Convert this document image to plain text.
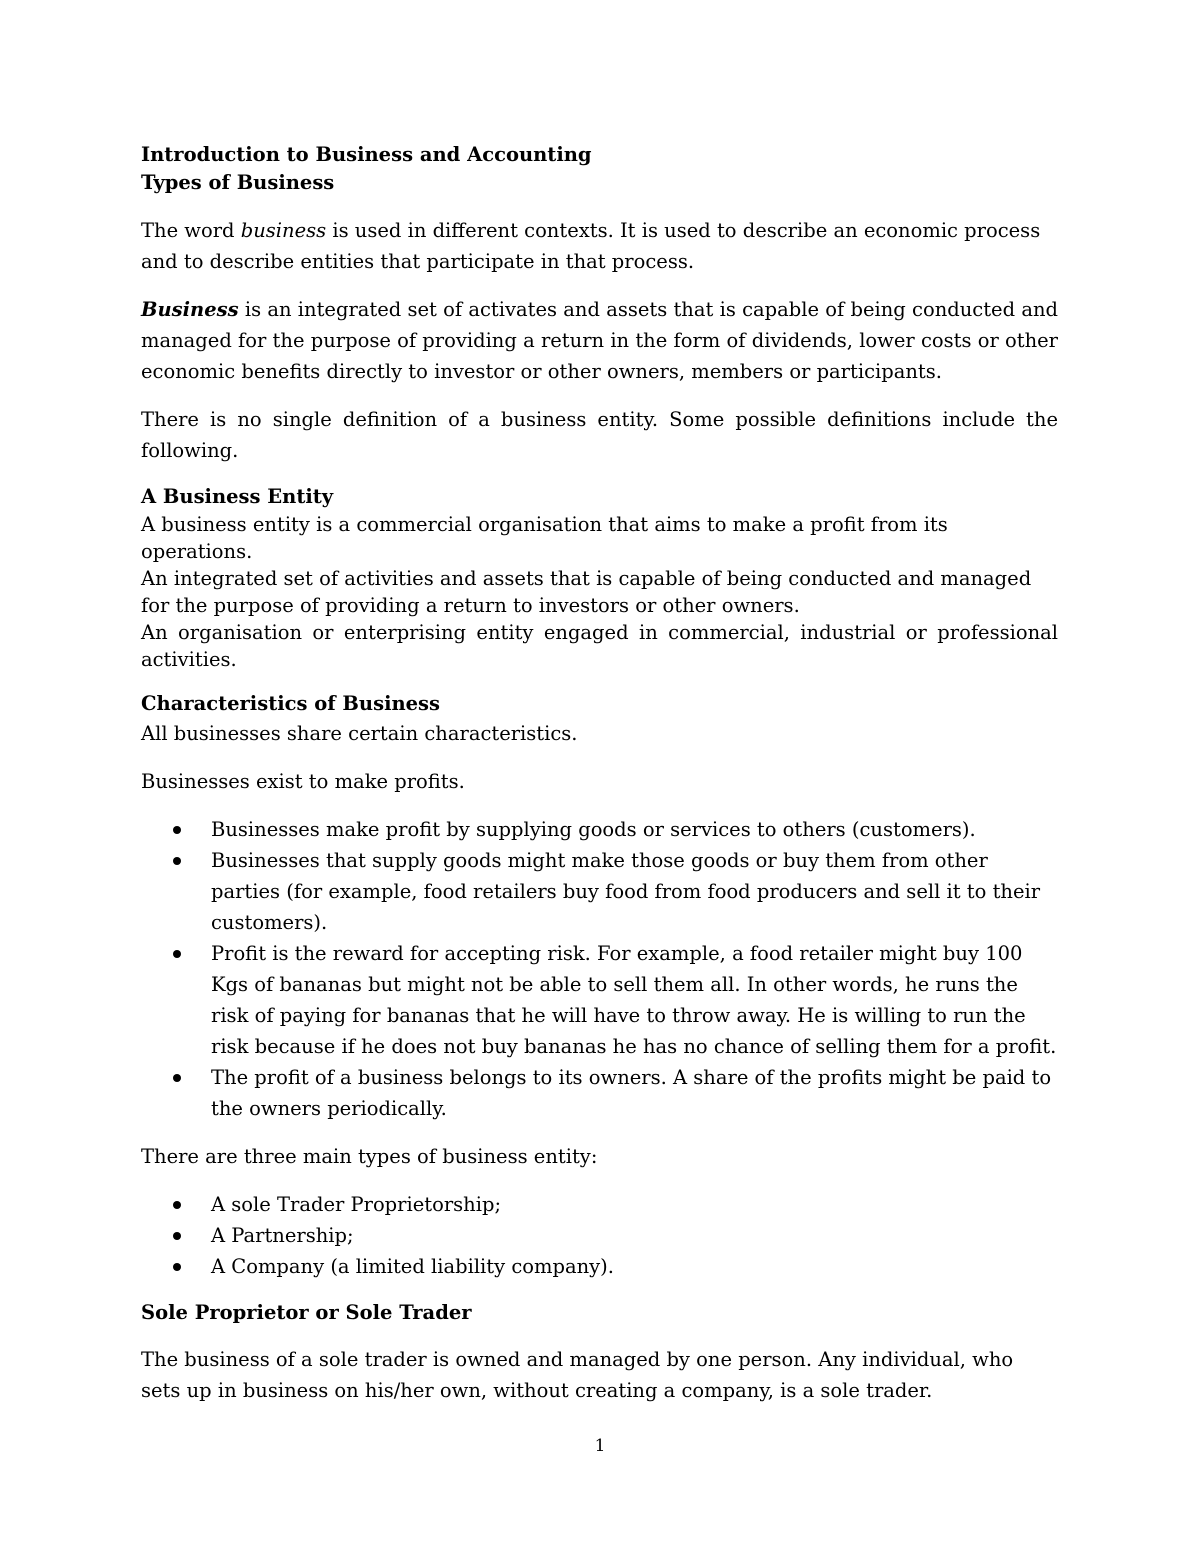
Introduction to Business and Accounting
Types of Business

The word business is used in different contexts. It is used to describe an economic process and to describe entities that participate in that process.

Business is an integrated set of activates and assets that is capable of being conducted and managed for the purpose of providing a return in the form of dividends, lower costs or other economic benefits directly to investor or other owners, members or participants.

There is no single definition of a business entity. Some possible definitions include the following.

A Business Entity
A business entity is a commercial organisation that aims to make a profit from its operations.
An integrated set of activities and assets that is capable of being conducted and managed for the purpose of providing a return to investors or other owners.
An organisation or enterprising entity engaged in commercial, industrial or professional activities.
Characteristics of Business

All businesses share certain characteristics.

Businesses exist to make profits.

Businesses make profit by supplying goods or services to others (customers).
Businesses that supply goods might make those goods or buy them from other parties (for example, food retailers buy food from food producers and sell it to their customers).
Profit is the reward for accepting risk. For example, a food retailer might buy 100 Kgs of bananas but might not be able to sell them all. In other words, he runs the risk of paying for bananas that he will have to throw away. He is willing to run the risk because if he does not buy bananas he has no chance of selling them for a profit.
The profit of a business belongs to its owners. A share of the profits might be paid to the owners periodically.

There are three main types of business entity:

A sole Trader Proprietorship;
A Partnership;
A Company (a limited liability company).

Sole Proprietor or Sole Trader

The business of a sole trader is owned and managed by one person. Any individual, who sets up in business on his/her own, without creating a company, is a sole trader.

1
